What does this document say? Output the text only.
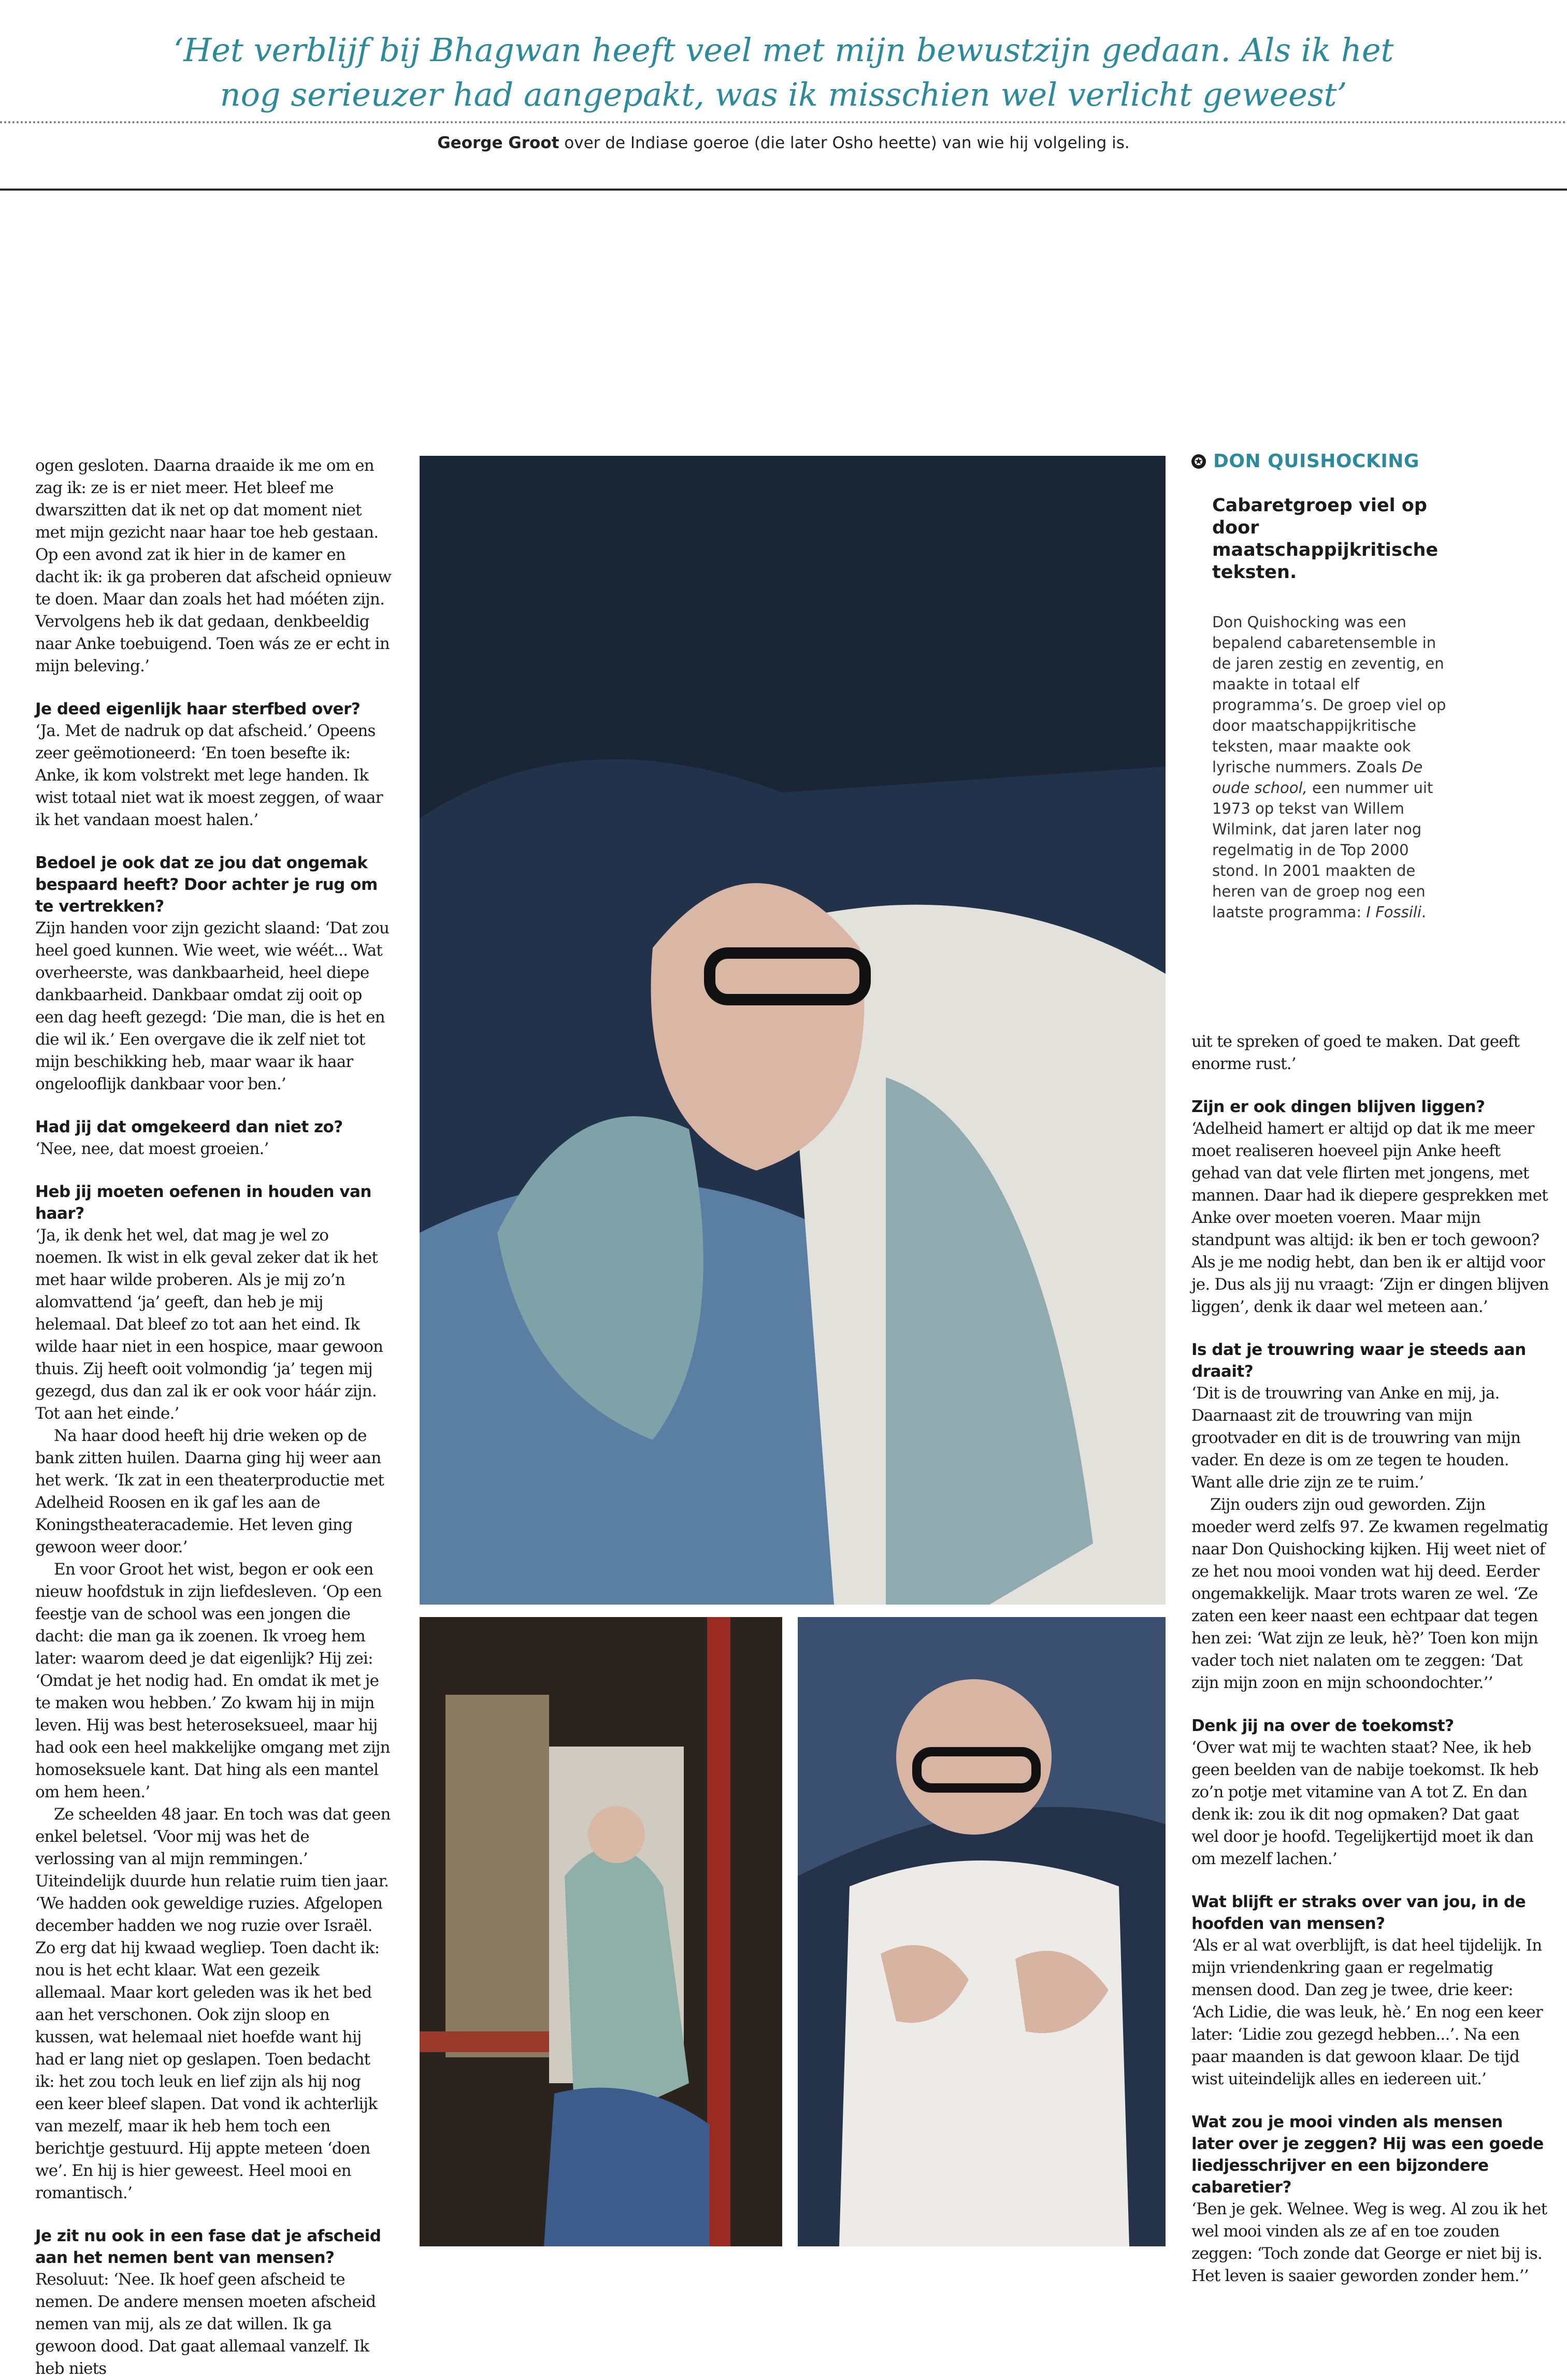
‘Het verblijf bij Bhagwan heeft veel met mijn bewustzijn gedaan. Als ik het
nog serieuzer had aangepakt, was ik misschien wel verlicht geweest’

George Groot over de Indiase goeroe (die later Osho heette) van wie hij volgeling is.

ogen gesloten. Daarna draaide ik me om en zag ik: ze is er niet meer. Het bleef me dwarszitten dat ik net op dat moment niet met mijn gezicht naar haar toe heb gestaan. Op een avond zat ik hier in de kamer en dacht ik: ik ga proberen dat afscheid opnieuw te doen. Maar dan zoals het had móéten zijn. Vervolgens heb ik dat gedaan, denkbeeldig naar Anke toebuigend. Toen wás ze er echt in mijn beleving.’

Je deed eigenlijk haar sterfbed over?

‘Ja. Met de nadruk op dat afscheid.’ Opeens zeer geëmotioneerd: ‘En toen besefte ik: Anke, ik kom volstrekt met lege handen. Ik wist totaal niet wat ik moest zeggen, of waar ik het vandaan moest halen.’

Bedoel je ook dat ze jou dat ongemak bespaard heeft? Door achter je rug om te vertrekken?

Zijn handen voor zijn gezicht slaand: ‘Dat zou heel goed kunnen. Wie weet, wie wéét... Wat overheerste, was dankbaarheid, heel diepe dankbaarheid. Dankbaar omdat zij ooit op een dag heeft gezegd: ‘Die man, die is het en die wil ik.’ Een overgave die ik zelf niet tot mijn beschikking heb, maar waar ik haar ongelooflijk dankbaar voor ben.’

Had jij dat omgekeerd dan niet zo?

‘Nee, nee, dat moest groeien.’

Heb jij moeten oefenen in houden van haar?

‘Ja, ik denk het wel, dat mag je wel zo noemen. Ik wist in elk geval zeker dat ik het met haar wilde proberen. Als je mij zo’n alomvattend ‘ja’ geeft, dan heb je mij helemaal. Dat bleef zo tot aan het eind. Ik wilde haar niet in een hospice, maar gewoon thuis. Zij heeft ooit volmondig ‘ja’ tegen mij gezegd, dus dan zal ik er ook voor háár zijn. Tot aan het einde.’

Na haar dood heeft hij drie weken op de bank zitten huilen. Daarna ging hij weer aan het werk. ‘Ik zat in een theaterproductie met Adelheid Roosen en ik gaf les aan de Koningstheateracademie. Het leven ging gewoon weer door.’

En voor Groot het wist, begon er ook een nieuw hoofdstuk in zijn liefdesleven. ‘Op een feestje van de school was een jongen die dacht: die man ga ik zoenen. Ik vroeg hem later: waarom deed je dat eigenlijk? Hij zei: ‘Omdat je het nodig had. En omdat ik met je te maken wou hebben.’ Zo kwam hij in mijn leven. Hij was best heteroseksueel, maar hij had ook een heel makkelijke omgang met zijn homoseksuele kant. Dat hing als een mantel om hem heen.’

Ze scheelden 48 jaar. En toch was dat geen enkel beletsel. ‘Voor mij was het de verlossing van al mijn remmingen.’ Uiteindelijk duurde hun relatie ruim tien jaar. ‘We hadden ook geweldige ruzies. Afgelopen december hadden we nog ruzie over Israël. Zo erg dat hij kwaad wegliep. Toen dacht ik: nou is het echt klaar. Wat een gezeik allemaal. Maar kort geleden was ik het bed aan het verschonen. Ook zijn sloop en kussen, wat helemaal niet hoefde want hij had er lang niet op geslapen. Toen bedacht ik: het zou toch leuk en lief zijn als hij nog een keer bleef slapen. Dat vond ik achterlijk van mezelf, maar ik heb hem toch een berichtje gestuurd. Hij appte meteen ‘doen we’. En hij is hier geweest. Heel mooi en romantisch.’

Je zit nu ook in een fase dat je afscheid aan het nemen bent van mensen?

Resoluut: ‘Nee. Ik hoef geen afscheid te nemen. De andere mensen moeten afscheid nemen van mij, als ze dat willen. Ik ga gewoon dood. Dat gaat allemaal vanzelf. Ik heb niets

✪ DON QUISHOCKING
Cabaretgroep viel op door maatschappijkritische teksten.
Don Quishocking was een bepalend cabaretensemble in de jaren zestig en zeventig, en maakte in totaal elf programma’s. De groep viel op door maatschappijkritische teksten, maar maakte ook lyrische nummers. Zoals De oude school, een nummer uit 1973 op tekst van Willem Wilmink, dat jaren later nog regelmatig in de Top 2000 stond. In 2001 maakten de heren van de groep nog een laatste programma: I Fossili.

uit te spreken of goed te maken. Dat geeft enorme rust.’

Zijn er ook dingen blijven liggen?

‘Adelheid hamert er altijd op dat ik me meer moet realiseren hoeveel pijn Anke heeft gehad van dat vele flirten met jongens, met mannen. Daar had ik diepere gesprekken met Anke over moeten voeren. Maar mijn standpunt was altijd: ik ben er toch gewoon? Als je me nodig hebt, dan ben ik er altijd voor je. Dus als jij nu vraagt: ‘Zijn er dingen blijven liggen’, denk ik daar wel meteen aan.’

Is dat je trouwring waar je steeds aan draait?

‘Dit is de trouwring van Anke en mij, ja. Daarnaast zit de trouwring van mijn grootvader en dit is de trouwring van mijn vader. En deze is om ze tegen te houden. Want alle drie zijn ze te ruim.’

Zijn ouders zijn oud geworden. Zijn moeder werd zelfs 97. Ze kwamen regelmatig naar Don Quishocking kijken. Hij weet niet of ze het nou mooi vonden wat hij deed. Eerder ongemakkelijk. Maar trots waren ze wel. ‘Ze zaten een keer naast een echtpaar dat tegen hen zei: ‘Wat zijn ze leuk, hè?’ Toen kon mijn vader toch niet nalaten om te zeggen: ‘Dat zijn mijn zoon en mijn schoondochter.’’

Denk jij na over de toekomst?

‘Over wat mij te wachten staat? Nee, ik heb geen beelden van de nabije toekomst. Ik heb zo’n potje met vitamine van A tot Z. En dan denk ik: zou ik dit nog opmaken? Dat gaat wel door je hoofd. Tegelijkertijd moet ik dan om mezelf lachen.’

Wat blijft er straks over van jou, in de hoofden van mensen?

‘Als er al wat overblijft, is dat heel tijdelijk. In mijn vriendenkring gaan er regelmatig mensen dood. Dan zeg je twee, drie keer: ‘Ach Lidie, die was leuk, hè.’ En nog een keer later: ‘Lidie zou gezegd hebben...’. Na een paar maanden is dat gewoon klaar. De tijd wist uiteindelijk alles en iedereen uit.’

Wat zou je mooi vinden als mensen later over je zeggen? Hij was een goede liedjesschrijver en een bijzondere cabaretier?

‘Ben je gek. Welnee. Weg is weg. Al zou ik het wel mooi vinden als ze af en toe zouden zeggen: ‘Toch zonde dat George er niet bij is. Het leven is saaier geworden zonder hem.’’
